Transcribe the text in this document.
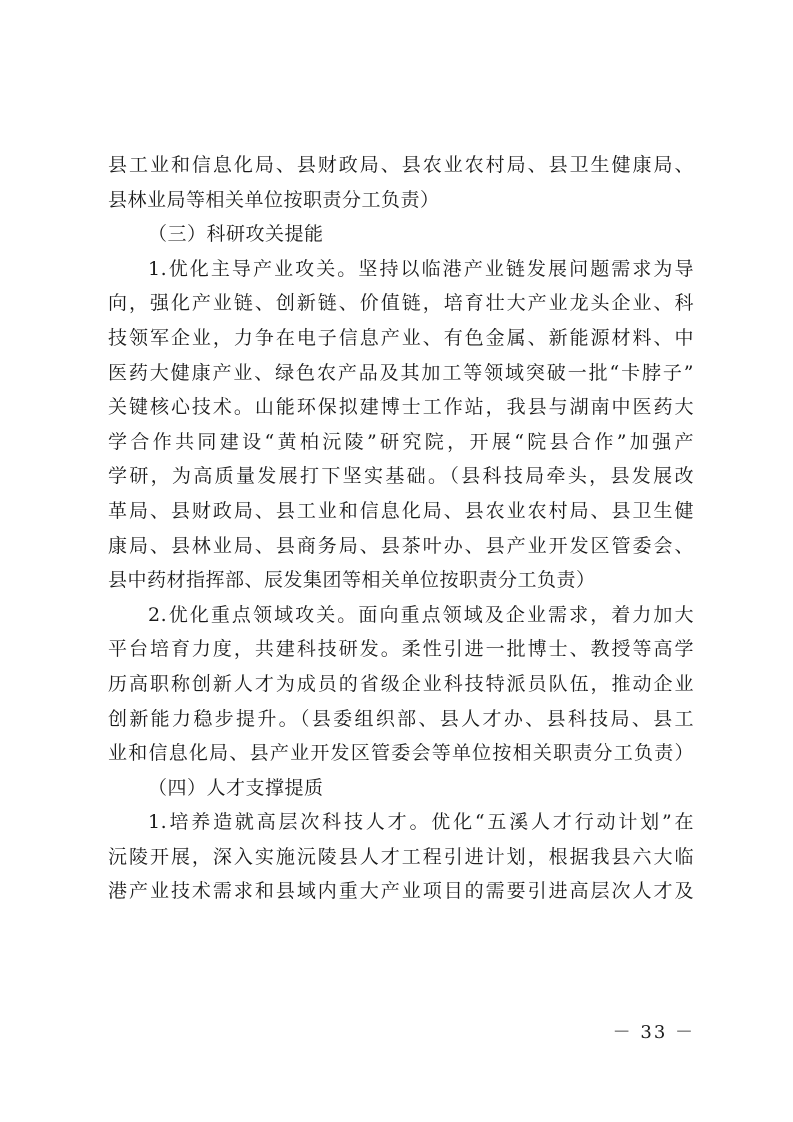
县工业和信息化局、县财政局、县农业农村局、县卫生健康局、
县林业局等相关单位按职责分工负责）
（三）科研攻关提能
1.优化主导产业攻关。坚持以临港产业链发展问题需求为导
向，强化产业链、创新链、价值链，培育壮大产业龙头企业、科
技领军企业，力争在电子信息产业、有色金属、新能源材料、中
医药大健康产业、绿色农产品及其加工等领域突破一批“卡脖子”
关键核心技术。山能环保拟建博士工作站，我县与湖南中医药大
学合作共同建设“黄柏沅陵”研究院，开展“院县合作”加强产
学研，为高质量发展打下坚实基础。（县科技局牵头，县发展改
革局、县财政局、县工业和信息化局、县农业农村局、县卫生健
康局、县林业局、县商务局、县茶叶办、县产业开发区管委会、
县中药材指挥部、辰发集团等相关单位按职责分工负责）
2.优化重点领域攻关。面向重点领域及企业需求，着力加大
平台培育力度，共建科技研发。柔性引进一批博士、教授等高学
历高职称创新人才为成员的省级企业科技特派员队伍，推动企业
创新能力稳步提升。（县委组织部、县人才办、县科技局、县工
业和信息化局、县产业开发区管委会等单位按相关职责分工负责）
（四）人才支撑提质
1.培养造就高层次科技人才。优化“五溪人才行动计划”在
沅陵开展，深入实施沅陵县人才工程引进计划，根据我县六大临
港产业技术需求和县域内重大产业项目的需要引进高层次人才及
－ 33 －
